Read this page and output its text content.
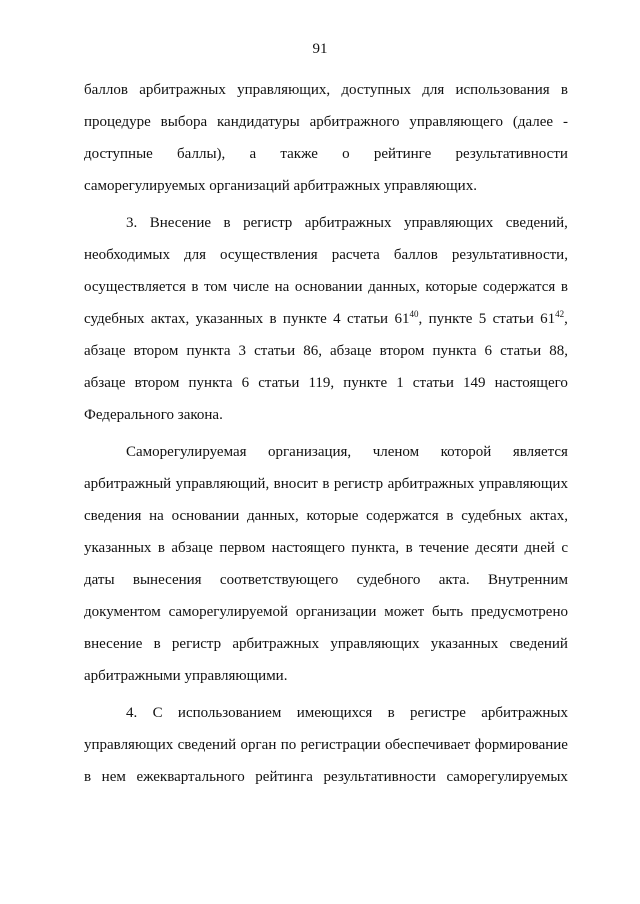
91
баллов арбитражных управляющих, доступных для использования в
процедуре выбора кандидатуры арбитражного управляющего (далее -
доступные баллы), а также о рейтинге результативности
саморегулируемых организаций арбитражных управляющих.
3. Внесение в регистр арбитражных управляющих сведений,
необходимых для осуществления расчета баллов результативности,
осуществляется в том числе на основании данных, которые содержатся в
судебных актах, указанных в пункте 4 статьи $61^{40}$, пункте 5 статьи $61^{42}$,
абзаце втором пункта 3 статьи 86, абзаце втором пункта 6 статьи 88,
абзаце втором пункта 6 статьи 119, пункте 1 статьи 149 настоящего
Федерального закона.
Саморегулируемая организация, членом которой является
арбитражный управляющий, вносит в регистр арбитражных управляющих
сведения на основании данных, которые содержатся в судебных актах,
указанных в абзаце первом настоящего пункта, в течение десяти дней с
даты вынесения соответствующего судебного акта. Внутренним
документом саморегулируемой организации может быть предусмотрено
внесение в регистр арбитражных управляющих указанных сведений
арбитражными управляющими.
4. С использованием имеющихся в регистре арбитражных
управляющих сведений орган по регистрации обеспечивает формирование
в нем ежеквартального рейтинга результативности саморегулируемых
